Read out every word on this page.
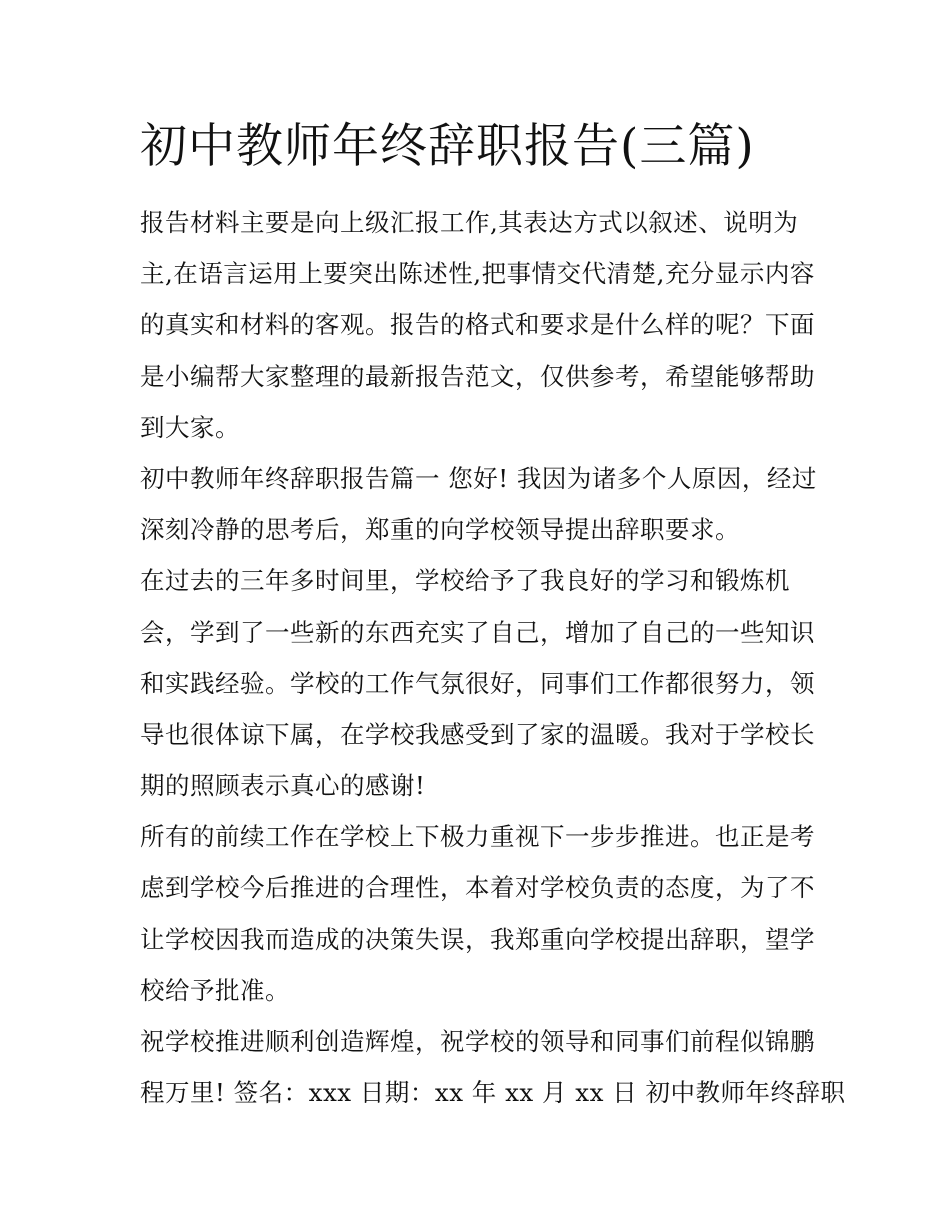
初中教师年终辞职报告(三篇)
报告材料主要是向上级汇报工作,其表达方式以叙述、说明为
主,在语言运用上要突出陈述性,把事情交代清楚,充分显示内容
的真实和材料的客观。报告的格式和要求是什么样的呢？下面
是小编帮大家整理的最新报告范文，仅供参考，希望能够帮助
到大家。
初中教师年终辞职报告篇一 您好! 我因为诸多个人原因，经过
深刻冷静的思考后，郑重的向学校领导提出辞职要求。
在过去的三年多时间里，学校给予了我良好的学习和锻炼机
会，学到了一些新的东西充实了自己，增加了自己的一些知识
和实践经验。学校的工作气氛很好，同事们工作都很努力，领
导也很体谅下属，在学校我感受到了家的温暖。我对于学校长
期的照顾表示真心的感谢!
所有的前续工作在学校上下极力重视下一步步推进。也正是考
虑到学校今后推进的合理性，本着对学校负责的态度，为了不
让学校因我而造成的决策失误，我郑重向学校提出辞职，望学
校给予批准。
祝学校推进顺利创造辉煌，祝学校的领导和同事们前程似锦鹏
程万里! 签名：xxx 日期：xx 年 xx 月 xx 日 初中教师年终辞职
